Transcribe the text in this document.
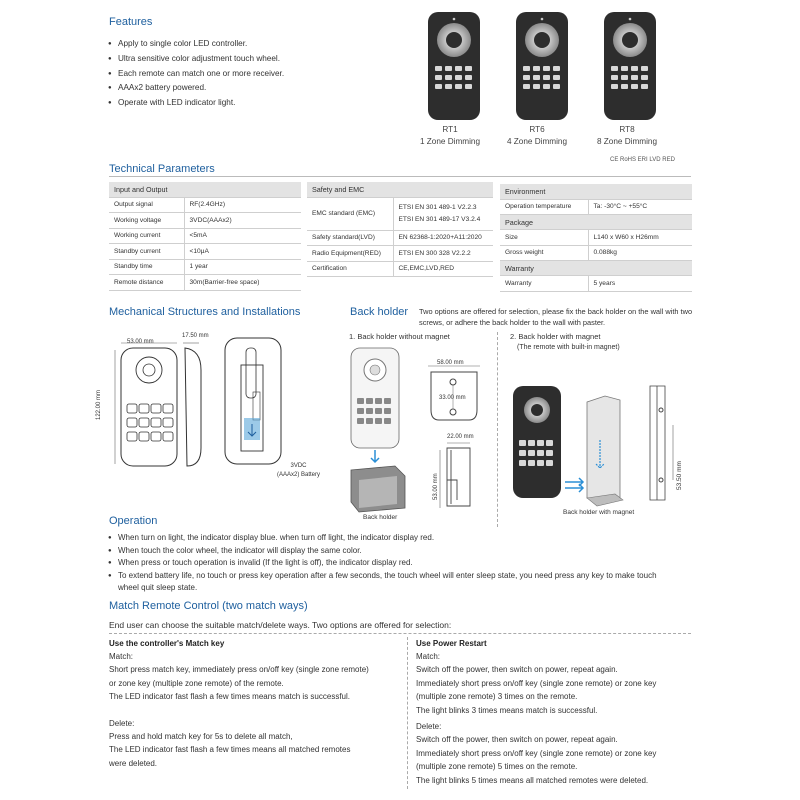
Features
● Apply to single color LED controller.
● Ultra sensitive color adjustment touch wheel.
● Each remote can match one or more receiver.
● AAAx2 battery powered.
● Operate with LED indicator light.
RT1
1 Zone Dimming
RT6
4 Zone Dimming
RT8
8 Zone Dimming
CE RoHS ERI LVD RED
Technical Parameters
Input and Output	
Output signal	RF(2.4GHz)
Working voltage	3VDC(AAAx2)
Working current	<5mA
Standby current	<10μA
Standby time	1 year
Remote distance	30m(Barrier-free space)
Safety and EMC	
EMC standard (EMC)	ETSI EN 301 489-1 V2.2.3
ETSI EN 301 489-17 V3.2.4

Safety standard(LVD)	EN 62368-1:2020+A11:2020
Radio Equipment(RED)	ETSI EN 300 328 V2.2.2
Certification	CE,EMC,LVD,RED
Environment	
Operation temperature	Ta: -30°C ~ +55°C
Package	
Size	L140 x W60 x H26mm
Gross weight	0.088kg
Warranty	
Warranty	5 years
Mechanical Structures and Installations
53.00 mm
17.50 mm
122.00 mm
3VDC
(AAAx2) Battery
Back holder Two options are offered for selection, please fix the back holder on the wall with two screws, or adhere the back holder to the wall with paster.
1. Back holder without magnet	2. Back holder with magnet
(The remote with built-in magnet)
58.00 mm
33.00 mm
22.00 mm
53.00 mm
Back holder
53.50 mm
Back holder with magnet
Operation
● When turn on light, the indicator display blue. when turn off light, the indicator display red.
● When touch the color wheel, the indicator will display the same color.
● When press or touch operation is invalid (If the light is off), the indicator display red.
● To extend battery life, no touch or press key operation after a few seconds, the touch wheel will enter sleep state, you need press any key to make touch
wheel quit sleep state.
Match Remote Control (two match ways)
End user can choose the suitable match/delete ways. Two options are offered for selection:
Use the controller's Match key
Match:
Short press match key, immediately press on/off key (single zone remote)
or zone key (multiple zone remote) of the remote.
The LED indicator fast flash a few times means match is successful.
Delete:
Press and hold match key for 5s to delete all match,
The LED indicator fast flash a few times means all matched remotes
were deleted.
Use Power Restart
Match:
Switch off the power, then switch on power, repeat again.
Immediately short press on/off key (single zone remote) or zone key
(multiple zone remote) 3 times on the remote.
The light blinks 3 times means match is successful.
Delete:
Switch off the power, then switch on power, repeat again.
Immediately short press on/off key (single zone remote) or zone key
(multiple zone remote) 5 times on the remote.
The light blinks 5 times means all matched remotes were deleted.
